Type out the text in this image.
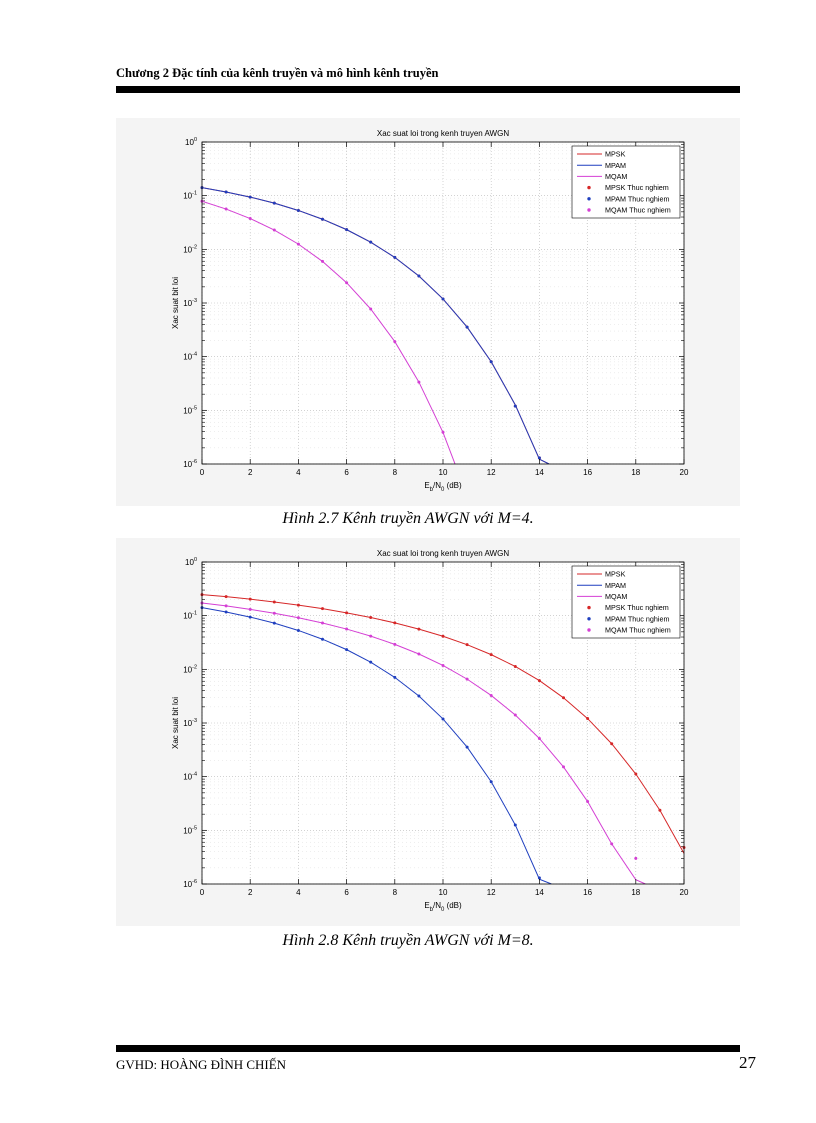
Chương 2 Đặc tính của kênh truyền và mô hình kênh truyền
0	2	4	6	8	10	12	14	16	18	20
$10^0$
$10^{-1}$
$10^{-2}$
$10^{-3}$
$10^{-4}$
$10^{-5}$
$10^{-6}$
Xac suat loi trong kenh truyen AWGN
$E_b/N_0$ (dB)
Xac suat bit loi
MPSK
MPAM
MQAM
MPSK Thuc nghiem
MPAM Thuc nghiem
MQAM Thuc nghiem
Hình 2.7 Kênh truyền AWGN với M=4.
0	2	4	6	8	10	12	14	16	18	20
$10^0$
$10^{-1}$
$10^{-2}$
$10^{-3}$
$10^{-4}$
$10^{-5}$
$10^{-6}$
Xac suat loi trong kenh truyen AWGN
$E_b/N_0$ (dB)
Xac suat bit loi
MPSK
MPAM
MQAM
MPSK Thuc nghiem
MPAM Thuc nghiem
MQAM Thuc nghiem
Hình 2.8 Kênh truyền AWGN với M=8.
GVHD: HOÀNG ĐÌNH CHIẾN	27
